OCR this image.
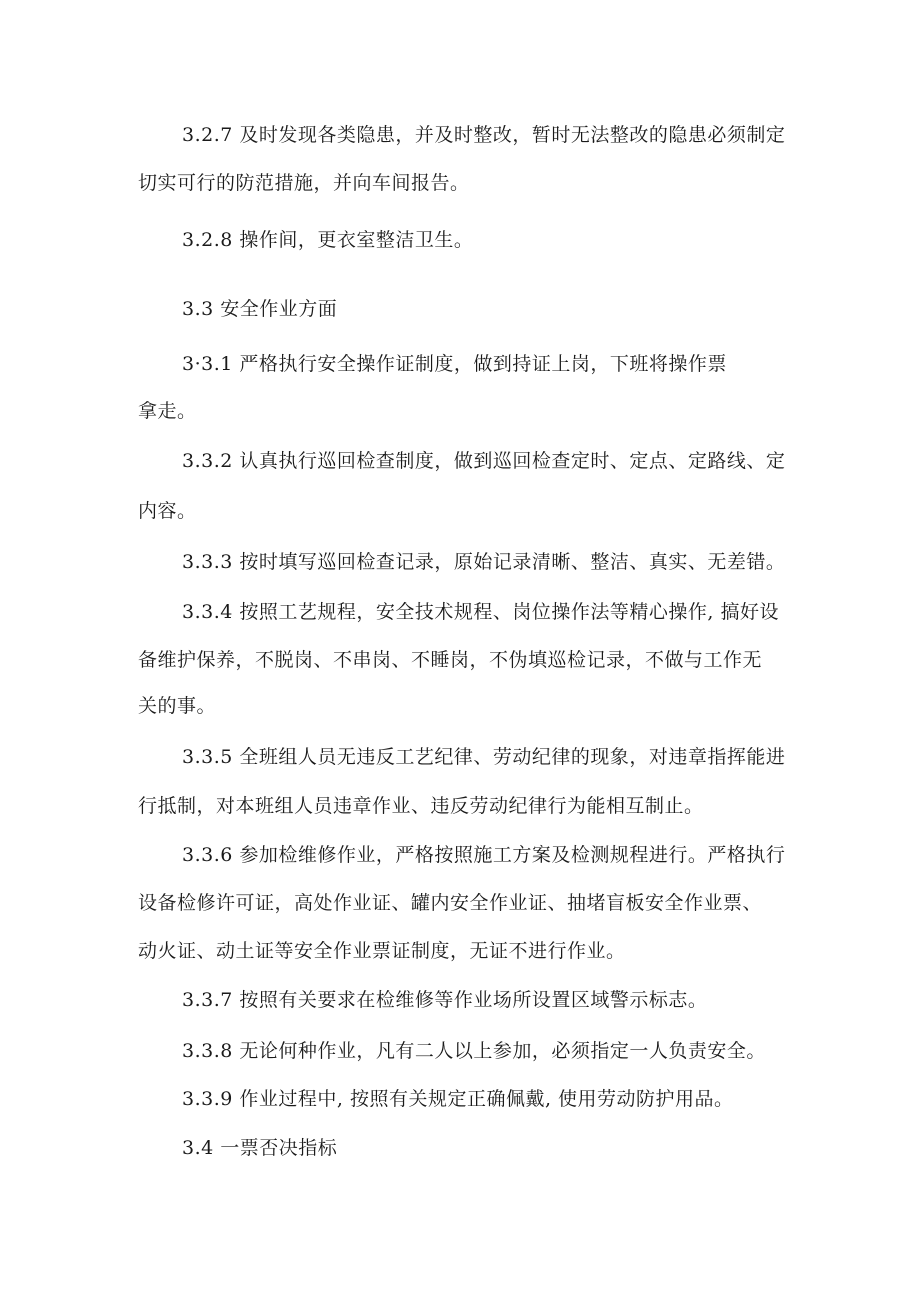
3.2.7 及时发现各类隐患，并及时整改，暂时无法整改的隐患必须制定
切实可行的防范措施，并向车间报告。
3.2.8 操作间，更衣室整洁卫生。
3.3 安全作业方面
3·3.1 严格执行安全操作证制度，做到持证上岗，下班将操作票
拿走。
3.3.2 认真执行巡回检查制度，做到巡回检查定时、定点、定路线、定
内容。
3.3.3 按时填写巡回检查记录，原始记录清晰、整洁、真实、无差错。
3.3.4 按照工艺规程，安全技术规程、岗位操作法等精心操作, 搞好设
备维护保养，不脱岗、不串岗、不睡岗，不伪填巡检记录，不做与工作无
关的事。
3.3.5 全班组人员无违反工艺纪律、劳动纪律的现象，对违章指挥能进
行抵制，对本班组人员违章作业、违反劳动纪律行为能相互制止。
3.3.6 参加检维修作业，严格按照施工方案及检测规程进行。严格执行
设备检修许可证，高处作业证、罐内安全作业证、抽堵盲板安全作业票、
动火证、动土证等安全作业票证制度，无证不进行作业。
3.3.7 按照有关要求在检维修等作业场所设置区域警示标志。
3.3.8 无论何种作业，凡有二人以上参加，必须指定一人负责安全。
3.3.9 作业过程中, 按照有关规定正确佩戴, 使用劳动防护用品。
3.4 一票否决指标
